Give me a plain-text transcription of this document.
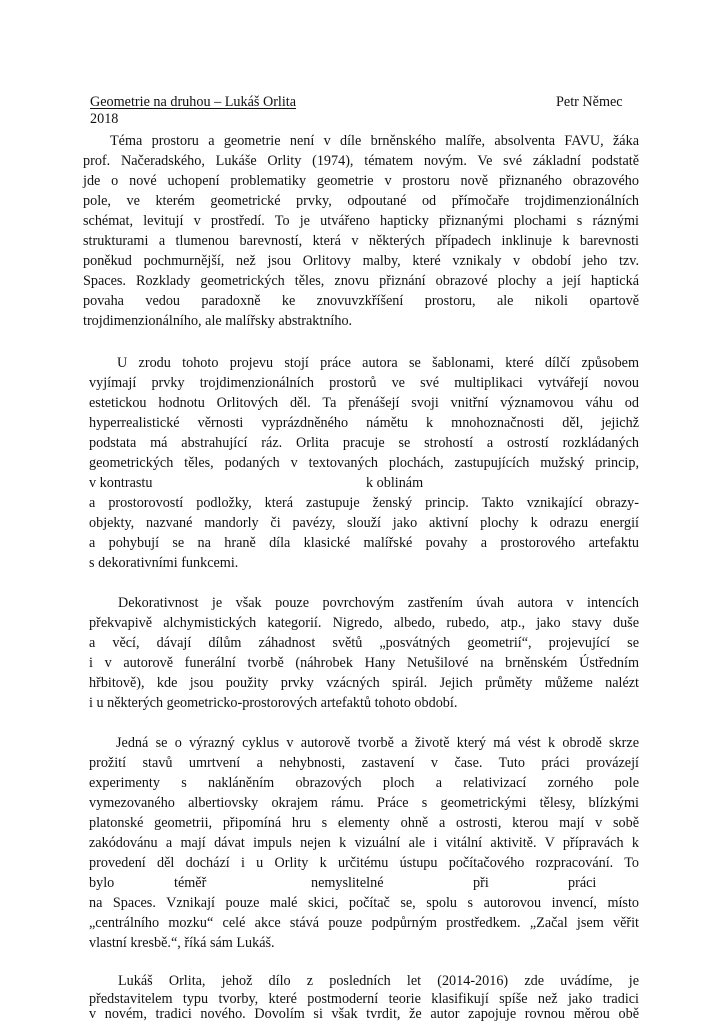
Geometrie na druhou – Lukáš Orlita	Petr Němec
2018
Téma prostoru a geometrie není v díle brněnského malíře, absolventa FAVU, žáka
prof. Načeradského, Lukáše Orlity (1974), tématem novým. Ve své základní podstatě
jde o nové uchopení problematiky geometrie v prostoru nově přiznaného obrazového
pole, ve kterém geometrické prvky, odpoutané od přímočaře trojdimenzionálních
schémat, levitují v prostředí. To je utvářeno hapticky přiznanými plochami s ráznými
strukturami a tlumenou barevností, která v některých případech inklinuje k barevnosti
poněkud pochmurnější, než jsou Orlitovy malby, které vznikaly v období jeho tzv.
Spaces. Rozklady geometrických těles, znovu přiznání obrazové plochy a její haptická
povaha vedou paradoxně ke znovuvzkříšení prostoru, ale nikoli opartově
trojdimenzionálního, ale malířsky abstraktního.
U zrodu tohoto projevu stojí práce autora se šablonami, které dílčí způsobem
vyjímají prvky trojdimenzionálních prostorů ve své multiplikaci vytvářejí novou
estetickou hodnotu Orlitových děl. Ta přenášejí svoji vnitřní významovou váhu od
hyperrealistické věrnosti vyprázdněného námětu k mnohoznačnosti děl, jejichž
podstata má abstrahující ráz. Orlita pracuje se strohostí a ostrostí rozkládaných
geometrických těles, podaných v textovaných plochách, zastupujících mužský princip,
v kontrastu	k oblinám
a prostorovostí podložky, která zastupuje ženský princip. Takto vznikající obrazy-
objekty, nazvané mandorly či pavézy, slouží jako aktivní plochy k odrazu energií
a pohybují se na hraně díla klasické malířské povahy a prostorového artefaktu
s dekorativními funkcemi.
Dekorativnost je však pouze povrchovým zastřením úvah autora v intencích
překvapivě alchymistických kategorií. Nigredo, albedo, rubedo, atp., jako stavy duše
a věcí, dávají dílům záhadnost světů „posvátných geometrií“, projevující se
i v autorově funerální tvorbě (náhrobek Hany Netušilové na brněnském Ústředním
hřbitově), kde jsou použity prvky vzácných spirál. Jejich průměty můžeme nalézt
i u některých geometricko-prostorových artefaktů tohoto období.
Jedná se o výrazný cyklus v autorově tvorbě a životě který má vést k obrodě skrze
prožití stavů umrtvení a nehybnosti, zastavení v čase. Tuto práci provázejí
experimenty s nakláněním obrazových ploch a relativizací zorného pole
vymezovaného albertiovsky okrajem rámu. Práce s geometrickými tělesy, blízkými
platonské geometrii, připomíná hru s elementy ohně a ostrosti, kterou mají v sobě
zakódovánu a mají dávat impuls nejen k vizuální ale i vitální aktivitě. V přípravách k
provedení děl dochází i u Orlity k určitému ústupu počítačového rozpracování. To
bylo	téměř	nemyslitelné	při	práci
na Spaces. Vznikají pouze malé skici, počítač se, spolu s autorovou invencí, místo
„centrálního mozku“ celé akce stává pouze podpůrným prostředkem. „Začal jsem věřit
vlastní kresbě.“, říká sám Lukáš.
Lukáš Orlita, jehož dílo z posledních let (2014-2016) zde uvádíme, je
představitelem typu tvorby, které postmoderní teorie klasifikují spíše než jako tradici
v novém, tradici nového. Dovolím si však tvrdit, že autor zapojuje rovnou měrou obě
